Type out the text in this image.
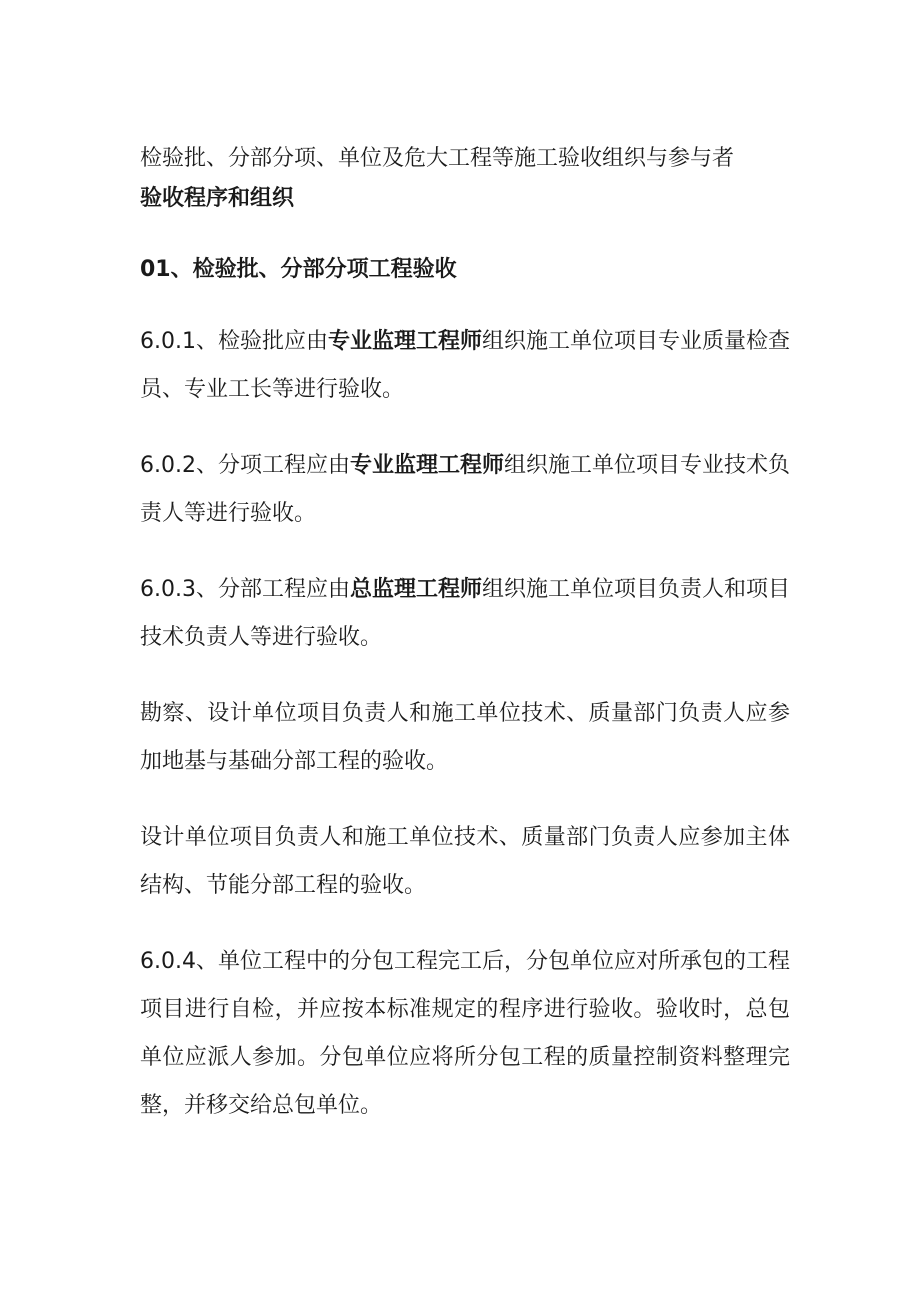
检验批、分部分项、单位及危大工程等施工验收组织与参与者

验收程序和组织

01、检验批、分部分项工程验收

6.0.1、检验批应由专业监理工程师组织施工单位项目专业质量检查员、专业工长等进行验收。

6.0.2、分项工程应由专业监理工程师组织施工单位项目专业技术负责人等进行验收。

6.0.3、分部工程应由总监理工程师组织施工单位项目负责人和项目技术负责人等进行验收。

勘察、设计单位项目负责人和施工单位技术、质量部门负责人应参加地基与基础分部工程的验收。

设计单位项目负责人和施工单位技术、质量部门负责人应参加主体结构、节能分部工程的验收。

6.0.4、单位工程中的分包工程完工后，分包单位应对所承包的工程项目进行自检，并应按本标准规定的程序进行验收。验收时，总包单位应派人参加。分包单位应将所分包工程的质量控制资料整理完整，并移交给总包单位。
